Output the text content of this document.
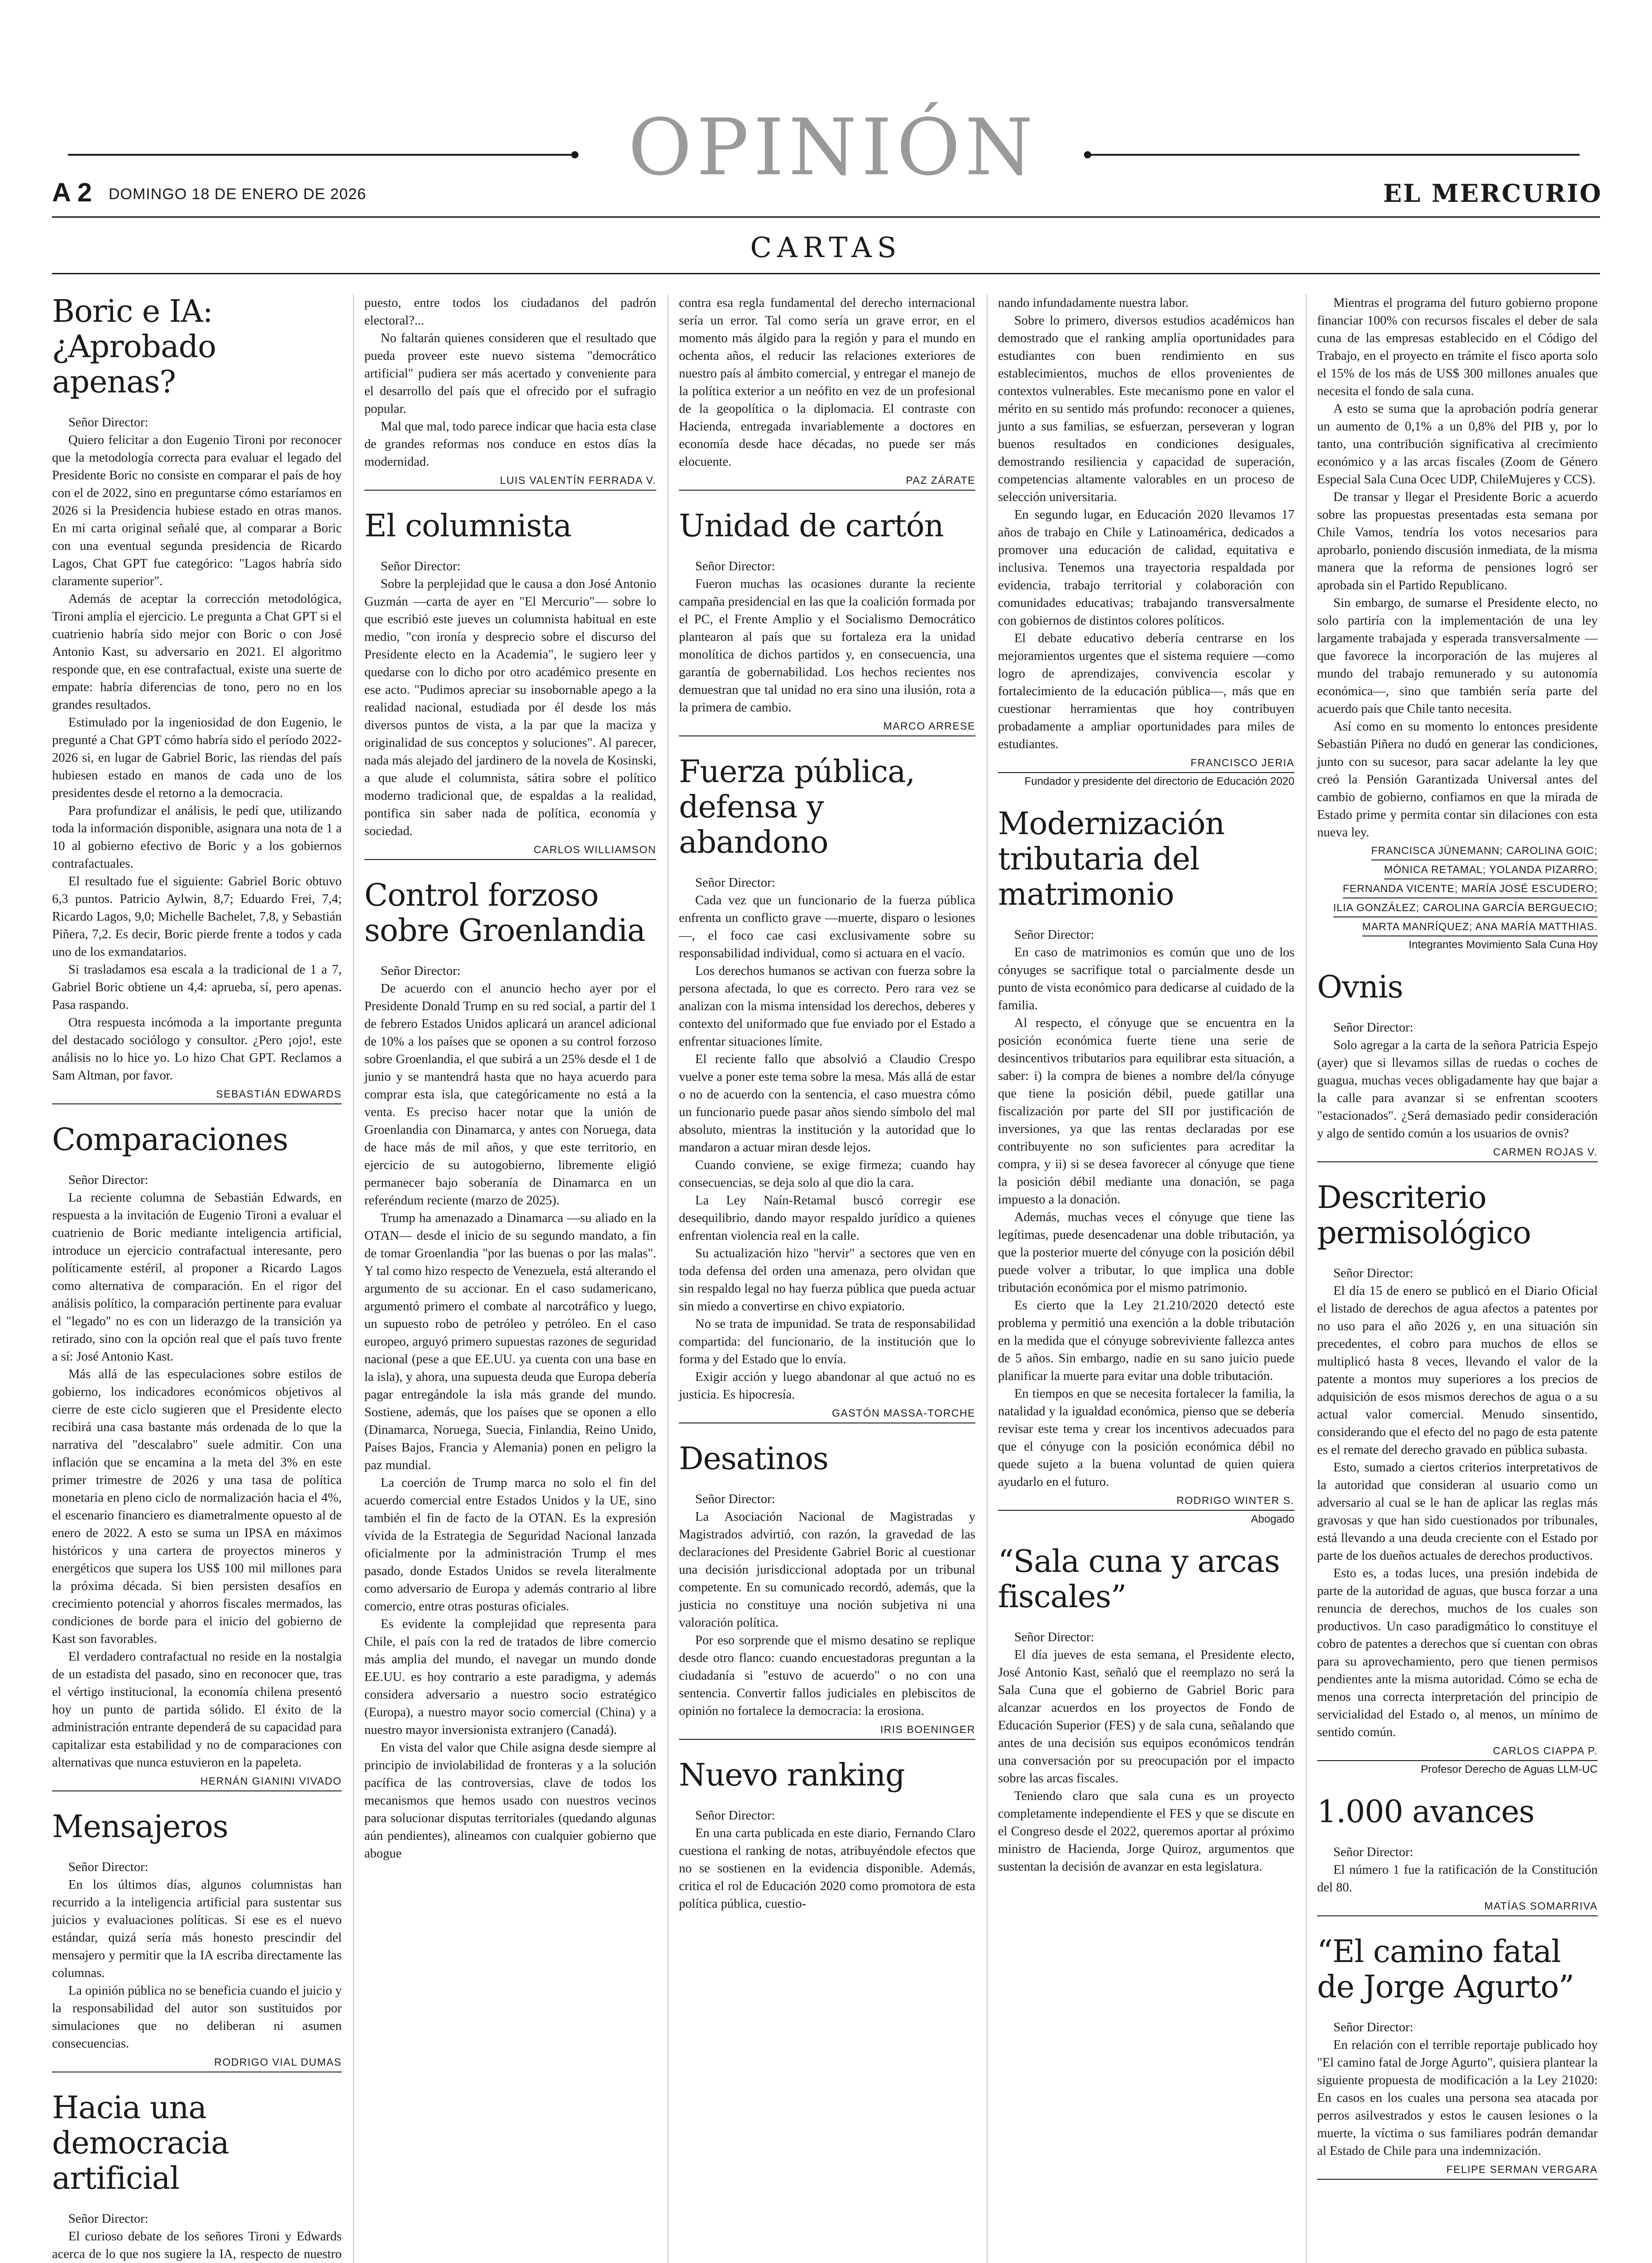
OPINIÓN
A 2 DOMINGO 18 DE ENERO DE 2026	EL MERCURIO
CARTAS
Boric e IA: ¿Aprobado apenas?

Señor Director:

Quiero felicitar a don Eugenio Tironi por reconocer que la metodología correcta para evaluar el legado del Presidente Boric no consiste en comparar el país de hoy con el de 2022, sino en preguntarse cómo estaríamos en 2026 si la Presidencia hubiese estado en otras manos. En mi carta original señalé que, al comparar a Boric con una eventual segunda presidencia de Ricardo Lagos, Chat GPT fue categórico: "Lagos habría sido claramente superior".

Además de aceptar la corrección metodológica, Tironi amplía el ejercicio. Le pregunta a Chat GPT si el cuatrienio habría sido mejor con Boric o con José Antonio Kast, su adversario en 2021. El algoritmo responde que, en ese contrafactual, existe una suerte de empate: habría diferencias de tono, pero no en los grandes resultados.

Estimulado por la ingeniosidad de don Eugenio, le pregunté a Chat GPT cómo habría sido el período 2022-2026 si, en lugar de Gabriel Boric, las riendas del país hubiesen estado en manos de cada uno de los presidentes desde el retorno a la democracia.

Para profundizar el análisis, le pedí que, utilizando toda la información disponible, asignara una nota de 1 a 10 al gobierno efectivo de Boric y a los gobiernos contrafactuales.

El resultado fue el siguiente: Gabriel Boric obtuvo 6,3 puntos. Patricio Aylwin, 8,7; Eduardo Frei, 7,4; Ricardo Lagos, 9,0; Michelle Bachelet, 7,8, y Sebastián Piñera, 7,2. Es decir, Boric pierde frente a todos y cada uno de los exmandatarios.

Si trasladamos esa escala a la tradicional de 1 a 7, Gabriel Boric obtiene un 4,4: aprueba, sí, pero apenas. Pasa raspando.

Otra respuesta incómoda a la importante pregunta del destacado sociólogo y consultor. ¿Pero ¡ojo!, este análisis no lo hice yo. Lo hizo Chat GPT. Reclamos a Sam Altman, por favor.

SEBASTIÁN EDWARDS
Comparaciones

Señor Director:

La reciente columna de Sebastián Edwards, en respuesta a la invitación de Eugenio Tironi a evaluar el cuatrienio de Boric mediante inteligencia artificial, introduce un ejercicio contrafactual interesante, pero políticamente estéril, al proponer a Ricardo Lagos como alternativa de comparación. En el rigor del análisis político, la comparación pertinente para evaluar el "legado" no es con un liderazgo de la transición ya retirado, sino con la opción real que el país tuvo frente a sí: José Antonio Kast.

Más allá de las especulaciones sobre estilos de gobierno, los indicadores económicos objetivos al cierre de este ciclo sugieren que el Presidente electo recibirá una casa bastante más ordenada de lo que la narrativa del "descalabro" suele admitir. Con una inflación que se encamina a la meta del 3% en este primer trimestre de 2026 y una tasa de política monetaria en pleno ciclo de normalización hacia el 4%, el escenario financiero es diametralmente opuesto al de enero de 2022. A esto se suma un IPSA en máximos históricos y una cartera de proyectos mineros y energéticos que supera los US$ 100 mil millones para la próxima década. Si bien persisten desafíos en crecimiento potencial y ahorros fiscales mermados, las condiciones de borde para el inicio del gobierno de Kast son favorables.

El verdadero contrafactual no reside en la nostalgia de un estadista del pasado, sino en reconocer que, tras el vértigo institucional, la economía chilena presentó hoy un punto de partida sólido. El éxito de la administración entrante dependerá de su capacidad para capitalizar esta estabilidad y no de comparaciones con alternativas que nunca estuvieron en la papeleta.

HERNÁN GIANINI VIVADO
Mensajeros

Señor Director:

En los últimos días, algunos columnistas han recurrido a la inteligencia artificial para sustentar sus juicios y evaluaciones políticas. Si ese es el nuevo estándar, quizá sería más honesto prescindir del mensajero y permitir que la IA escriba directamente las columnas.

La opinión pública no se beneficia cuando el juicio y la responsabilidad del autor son sustituidos por simulaciones que no deliberan ni asumen consecuencias.

RODRIGO VIAL DUMAS
Hacia una democracia artificial

Señor Director:

El curioso debate de los señores Tironi y Edwards acerca de lo que nos sugiere la IA, respecto de nuestro

puesto, entre todos los ciudadanos del padrón electoral?...

No faltarán quienes consideren que el resultado que pueda proveer este nuevo sistema "democrático artificial" pudiera ser más acertado y conveniente para el desarrollo del país que el ofrecido por el sufragio popular.

Mal que mal, todo parece indicar que hacia esta clase de grandes reformas nos conduce en estos días la modernidad.

LUIS VALENTÍN FERRADA V.
El columnista

Señor Director:

Sobre la perplejidad que le causa a don José Antonio Guzmán —carta de ayer en "El Mercurio"— sobre lo que escribió este jueves un columnista habitual en este medio, "con ironía y desprecio sobre el discurso del Presidente electo en la Academia", le sugiero leer y quedarse con lo dicho por otro académico presente en ese acto. "Pudimos apreciar su insobornable apego a la realidad nacional, estudiada por él desde los más diversos puntos de vista, a la par que la maciza y originalidad de sus conceptos y soluciones". Al parecer, nada más alejado del jardinero de la novela de Kosinski, a que alude el columnista, sátira sobre el político moderno tradicional que, de espaldas a la realidad, pontifica sin saber nada de política, economía y sociedad.

CARLOS WILLIAMSON
Control forzoso sobre Groenlandia

Señor Director:

De acuerdo con el anuncio hecho ayer por el Presidente Donald Trump en su red social, a partir del 1 de febrero Estados Unidos aplicará un arancel adicional de 10% a los países que se oponen a su control forzoso sobre Groenlandia, el que subirá a un 25% desde el 1 de junio y se mantendrá hasta que no haya acuerdo para comprar esta isla, que categóricamente no está a la venta. Es preciso hacer notar que la unión de Groenlandia con Dinamarca, y antes con Noruega, data de hace más de mil años, y que este territorio, en ejercicio de su autogobierno, libremente eligió permanecer bajo soberanía de Dinamarca en un referéndum reciente (marzo de 2025).

Trump ha amenazado a Dinamarca —su aliado en la OTAN— desde el inicio de su segundo mandato, a fin de tomar Groenlandia "por las buenas o por las malas". Y tal como hizo respecto de Venezuela, está alterando el argumento de su accionar. En el caso sudamericano, argumentó primero el combate al narcotráfico y luego, un supuesto robo de petróleo y petróleo. En el caso europeo, arguyó primero supuestas razones de seguridad nacional (pese a que EE.UU. ya cuenta con una base en la isla), y ahora, una supuesta deuda que Europa debería pagar entregándole la isla más grande del mundo. Sostiene, además, que los países que se oponen a ello (Dinamarca, Noruega, Suecia, Finlandia, Reino Unido, Países Bajos, Francia y Alemania) ponen en peligro la paz mundial.

La coerción de Trump marca no solo el fin del acuerdo comercial entre Estados Unidos y la UE, sino también el fin de facto de la OTAN. Es la expresión vívida de la Estrategia de Seguridad Nacional lanzada oficialmente por la administración Trump el mes pasado, donde Estados Unidos se revela literalmente como adversario de Europa y además contrario al libre comercio, entre otras posturas oficiales.

Es evidente la complejidad que representa para Chile, el país con la red de tratados de libre comercio más amplia del mundo, el navegar un mundo donde EE.UU. es hoy contrario a este paradigma, y además considera adversario a nuestro socio estratégico (Europa), a nuestro mayor socio comercial (China) y a nuestro mayor inversionista extranjero (Canadá).

En vista del valor que Chile asigna desde siempre al principio de inviolabilidad de fronteras y a la solución pacífica de las controversias, clave de todos los mecanismos que hemos usado con nuestros vecinos para solucionar disputas territoriales (quedando algunas aún pendientes), alineamos con cualquier gobierno que abogue

contra esa regla fundamental del derecho internacional sería un error. Tal como sería un grave error, en el momento más álgido para la región y para el mundo en ochenta años, el reducir las relaciones exteriores de nuestro país al ámbito comercial, y entregar el manejo de la política exterior a un neófito en vez de un profesional de la geopolítica o la diplomacia. El contraste con Hacienda, entregada invariablemente a doctores en economía desde hace décadas, no puede ser más elocuente.

PAZ ZÁRATE
Unidad de cartón

Señor Director:

Fueron muchas las ocasiones durante la reciente campaña presidencial en las que la coalición formada por el PC, el Frente Amplio y el Socialismo Democrático plantearon al país que su fortaleza era la unidad monolítica de dichos partidos y, en consecuencia, una garantía de gobernabilidad. Los hechos recientes nos demuestran que tal unidad no era sino una ilusión, rota a la primera de cambio.

MARCO ARRESE
Fuerza pública, defensa y abandono

Señor Director:

Cada vez que un funcionario de la fuerza pública enfrenta un conflicto grave —muerte, disparo o lesiones—, el foco cae casi exclusivamente sobre su responsabilidad individual, como si actuara en el vacío.

Los derechos humanos se activan con fuerza sobre la persona afectada, lo que es correcto. Pero rara vez se analizan con la misma intensidad los derechos, deberes y contexto del uniformado que fue enviado por el Estado a enfrentar situaciones límite.

El reciente fallo que absolvió a Claudio Crespo vuelve a poner este tema sobre la mesa. Más allá de estar o no de acuerdo con la sentencia, el caso muestra cómo un funcionario puede pasar años siendo símbolo del mal absoluto, mientras la institución y la autoridad que lo mandaron a actuar miran desde lejos.

Cuando conviene, se exige firmeza; cuando hay consecuencias, se deja solo al que dio la cara.

La Ley Naín-Retamal buscó corregir ese desequilibrio, dando mayor respaldo jurídico a quienes enfrentan violencia real en la calle.

Su actualización hizo "hervir" a sectores que ven en toda defensa del orden una amenaza, pero olvidan que sin respaldo legal no hay fuerza pública que pueda actuar sin miedo a convertirse en chivo expiatorio.

No se trata de impunidad. Se trata de responsabilidad compartida: del funcionario, de la institución que lo forma y del Estado que lo envía.

Exigir acción y luego abandonar al que actuó no es justicia. Es hipocresía.

GASTÓN MASSA-TORCHE
Desatinos

Señor Director:

La Asociación Nacional de Magistradas y Magistrados advirtió, con razón, la gravedad de las declaraciones del Presidente Gabriel Boric al cuestionar una decisión jurisdiccional adoptada por un tribunal competente. En su comunicado recordó, además, que la justicia no constituye una noción subjetiva ni una valoración política.

Por eso sorprende que el mismo desatino se replique desde otro flanco: cuando encuestadoras preguntan a la ciudadanía si "estuvo de acuerdo" o no con una sentencia. Convertir fallos judiciales en plebiscitos de opinión no fortalece la democracia: la erosiona.

IRIS BOENINGER
Nuevo ranking

Señor Director:

En una carta publicada en este diario, Fernando Claro cuestiona el ranking de notas, atribuyéndole efectos que no se sostienen en la evidencia disponible. Además, critica el rol de Educación 2020 como promotora de esta política pública, cuestio-

nando infundadamente nuestra labor.

Sobre lo primero, diversos estudios académicos han demostrado que el ranking amplía oportunidades para estudiantes con buen rendimiento en sus establecimientos, muchos de ellos provenientes de contextos vulnerables. Este mecanismo pone en valor el mérito en su sentido más profundo: reconocer a quienes, junto a sus familias, se esfuerzan, perseveran y logran buenos resultados en condiciones desiguales, demostrando resiliencia y capacidad de superación, competencias altamente valorables en un proceso de selección universitaria.

En segundo lugar, en Educación 2020 llevamos 17 años de trabajo en Chile y Latinoamérica, dedicados a promover una educación de calidad, equitativa e inclusiva. Tenemos una trayectoria respaldada por evidencia, trabajo territorial y colaboración con comunidades educativas; trabajando transversalmente con gobiernos de distintos colores políticos.

El debate educativo debería centrarse en los mejoramientos urgentes que el sistema requiere —como logro de aprendizajes, convivencia escolar y fortalecimiento de la educación pública—, más que en cuestionar herramientas que hoy contribuyen probadamente a ampliar oportunidades para miles de estudiantes.

FRANCISCO JERIA
Fundador y presidente del directorio de Educación 2020
Modernización tributaria del matrimonio

Señor Director:

En caso de matrimonios es común que uno de los cónyuges se sacrifique total o parcialmente desde un punto de vista económico para dedicarse al cuidado de la familia.

Al respecto, el cónyuge que se encuentra en la posición económica fuerte tiene una serie de desincentivos tributarios para equilibrar esta situación, a saber: i) la compra de bienes a nombre del/la cónyuge que tiene la posición débil, puede gatillar una fiscalización por parte del SII por justificación de inversiones, ya que las rentas declaradas por ese contribuyente no son suficientes para acreditar la compra, y ii) si se desea favorecer al cónyuge que tiene la posición débil mediante una donación, se paga impuesto a la donación.

Además, muchas veces el cónyuge que tiene las legítimas, puede desencadenar una doble tributación, ya que la posterior muerte del cónyuge con la posición débil puede volver a tributar, lo que implica una doble tributación económica por el mismo patrimonio.

Es cierto que la Ley 21.210/2020 detectó este problema y permitió una exención a la doble tributación en la medida que el cónyuge sobreviviente fallezca antes de 5 años. Sin embargo, nadie en su sano juicio puede planificar la muerte para evitar una doble tributación.

En tiempos en que se necesita fortalecer la familia, la natalidad y la igualdad económica, pienso que se debería revisar este tema y crear los incentivos adecuados para que el cónyuge con la posición económica débil no quede sujeto a la buena voluntad de quien quiera ayudarlo en el futuro.

RODRIGO WINTER S.
Abogado
“Sala cuna y arcas fiscales”

Señor Director:

El día jueves de esta semana, el Presidente electo, José Antonio Kast, señaló que el reemplazo no será la Sala Cuna que el gobierno de Gabriel Boric para alcanzar acuerdos en los proyectos de Fondo de Educación Superior (FES) y de sala cuna, señalando que antes de una decisión sus equipos económicos tendrán una conversación por su preocupación por el impacto sobre las arcas fiscales.

Teniendo claro que sala cuna es un proyecto completamente independiente el FES y que se discute en el Congreso desde el 2022, queremos aportar al próximo ministro de Hacienda, Jorge Quiroz, argumentos que sustentan la decisión de avanzar en esta legislatura.

Mientras el programa del futuro gobierno propone financiar 100% con recursos fiscales el deber de sala cuna de las empresas establecido en el Código del Trabajo, en el proyecto en trámite el fisco aporta solo el 15% de los más de US$ 300 millones anuales que necesita el fondo de sala cuna.

A esto se suma que la aprobación podría generar un aumento de 0,1% a un 0,8% del PIB y, por lo tanto, una contribución significativa al crecimiento económico y a las arcas fiscales (Zoom de Género Especial Sala Cuna Ocec UDP, ChileMujeres y CCS).

De transar y llegar el Presidente Boric a acuerdo sobre las propuestas presentadas esta semana por Chile Vamos, tendría los votos necesarios para aprobarlo, poniendo discusión inmediata, de la misma manera que la reforma de pensiones logró ser aprobada sin el Partido Republicano.

Sin embargo, de sumarse el Presidente electo, no solo partiría con la implementación de una ley largamente trabajada y esperada transversalmente —que favorece la incorporación de las mujeres al mundo del trabajo remunerado y su autonomía económica—, sino que también sería parte del acuerdo país que Chile tanto necesita.

Así como en su momento lo entonces presidente Sebastián Piñera no dudó en generar las condiciones, junto con su sucesor, para sacar adelante la ley que creó la Pensión Garantizada Universal antes del cambio de gobierno, confiamos en que la mirada de Estado prime y permita contar sin dilaciones con esta nueva ley.

FRANCISCA JÜNEMANN; CAROLINA GOIC;
MÓNICA RETAMAL; YOLANDA PIZARRO;
FERNANDA VICENTE; MARÍA JOSÉ ESCUDERO;
ILIA GONZÁLEZ; CAROLINA GARCÍA BERGUECIO;
MARTA MANRÍQUEZ; ANA MARÍA MATTHIAS.
Integrantes Movimiento Sala Cuna Hoy
Ovnis

Señor Director:

Solo agregar a la carta de la señora Patricia Espejo (ayer) que si llevamos sillas de ruedas o coches de guagua, muchas veces obligadamente hay que bajar a la calle para avanzar si se enfrentan scooters "estacionados". ¿Será demasiado pedir consideración y algo de sentido común a los usuarios de ovnis?

CARMEN ROJAS V.
Descriterio permisológico

Señor Director:

El día 15 de enero se publicó en el Diario Oficial el listado de derechos de agua afectos a patentes por no uso para el año 2026 y, en una situación sin precedentes, el cobro para muchos de ellos se multiplicó hasta 8 veces, llevando el valor de la patente a montos muy superiores a los precios de adquisición de esos mismos derechos de agua o a su actual valor comercial. Menudo sinsentido, considerando que el efecto del no pago de esta patente es el remate del derecho gravado en pública subasta.

Esto, sumado a ciertos criterios interpretativos de la autoridad que consideran al usuario como un adversario al cual se le han de aplicar las reglas más gravosas y que han sido cuestionados por tribunales, está llevando a una deuda creciente con el Estado por parte de los dueños actuales de derechos productivos.

Esto es, a todas luces, una presión indebida de parte de la autoridad de aguas, que busca forzar a una renuncia de derechos, muchos de los cuales son productivos. Un caso paradigmático lo constituye el cobro de patentes a derechos que sí cuentan con obras para su aprovechamiento, pero que tienen permisos pendientes ante la misma autoridad. Cómo se echa de menos una correcta interpretación del principio de servicialidad del Estado o, al menos, un mínimo de sentido común.

CARLOS CIAPPA P.
Profesor Derecho de Aguas LLM-UC
1.000 avances

Señor Director:

El número 1 fue la ratificación de la Constitución del 80.

MATÍAS SOMARRIVA
“El camino fatal de Jorge Agurto”

Señor Director:

En relación con el terrible reportaje publicado hoy "El camino fatal de Jorge Agurto", quisiera plantear la siguiente propuesta de modificación a la Ley 21020: En casos en los cuales una persona sea atacada por perros asilvestrados y estos le causen lesiones o la muerte, la víctima o sus familiares podrán demandar al Estado de Chile para una indemnización.

FELIPE SERMAN VERGARA
